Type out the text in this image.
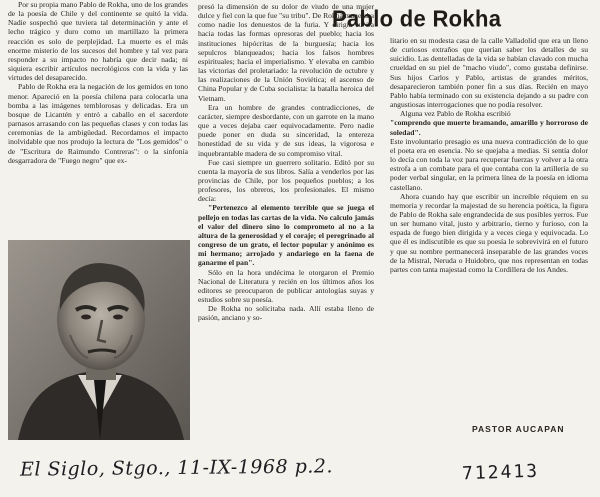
Por su propia mano Pablo de Rokha, uno de los grandes de la poesía de Chile y del continente se quitó la vida. Nadie sospechó que tuviera tal determinación y ante el lecho trágico y duro como un martillazo la primera reacción es solo de perplejidad. La muerte es el más enorme misterio de los sucesos del hombre y tal vez para responder a su impacto no habría que decir nada; ni siquiera escribir artículos necrológicos con la vida y las virtudes del desaparecido.

Pablo de Rokha era la negación de los gemidos en tono menor. Apareció en la poesía chilena para colocarla una bomba a las imágenes temblorosas y delicadas. Era un bosque de Licantén y entró a caballo en el sacerdote parnasos arrasando con las pequeñas clases y con todas las ceremonias de la ambigüedad. Recordamos el impacto inolvidable que nos produjo la lectura de "Los gemidos" o de "Escritura de Raimundo Contreras": o la sinfonía desgarradora de "Fuego negro" que ex-

Pablo de Rokha

presó la dimensión de su dolor de viudo de una mujer dulce y fiel con la que fue "su tribu". De Rokha manejaba como nadie los denuestos de la furia. Y dirigía su ira hacia todas las formas opresoras del pueblo; hacia los instituciones hipócritas de la burguesía; hacia los sepulcros blanqueados; hacia los falsos hombres espirituales; hacia el imperialismo. Y elevaba en cambio las victorias del proletariado: la revolución de octubre y las realizaciones de la Unión Soviética; el ascenso de China Popular y de Cuba socialista: la batalla heroica del Vietnam.

Era un hombre de grandes contradicciones, de carácter, siempre desbordante, con un garrote en la mano que a veces dejaba caer equivocadamente. Pero nadie puede poner en duda su sinceridad, la entereza honestidad de su vida y de sus ideas, la vigorosa e inquebrantable madera de su compromiso vital.

Fue casi siempre un guerrero solitario. Editó por su cuenta la mayoría de sus libros. Salía a venderlos por las provincias de Chile, por los pequeños pueblos; a los profesores, los obreros, los profesionales. El mismo decía:

"Pertenezco al elemento terrible que se juega el pellejo en todas las cartas de la vida. No calculo jamás el valor del dinero sino lo comprometo al no a la altura de la generosidad y el coraje; el peregrinado al congreso de un grato, el lector popular y anónimo es mi hermano; arrojado y andariego en la faena de ganarme el pan".

Sólo en la hora undécima le otorgaron el Premio Nacional de Literatura y recién en los últimos años los editores se preocuparon de publicar antologías suyas y estudios sobre su poesía.

De Rokha no solicitaba nada. Allí estaba lleno de pasión, anciano y so-

litario en su modesta casa de la calle Valladolid que era un lleno de curiosos extraños que querían saber los detalles de su suicidio. Las dentelladas de la vida se habían clavado con mucha crueldad en su piel de "macho viudo", como gustaba definirse. Sus hijos Carlos y Pablo, artistas de grandes méritos, desaparecieron también poner fin a sus días. Recién en mayo Pablo había terminado con su existencia dejando a su padre con angustiosas interrogaciones que no podía resolver.

Alguna vez Pablo de Rokha escribió

"comprendo que muerte bramando, amarillo y horroroso de soledad".

Este involuntario presagio es una nueva contradicción de lo que el poeta era en esencia. No se quejaba a medias. Si sentía dolor lo decía con toda la voz para recuperar fuerzas y volver a la otra estrofa a un combate para el que contaba con la artillería de su poder verbal singular, en la primera línea de la poesía en idioma castellano.

Ahora cuando hay que escribir un increíble réquiem en su memoria y recordar la majestad de su herencia poética, la figura de Pablo de Rokha sale engrandecida de sus posibles yerros. Fue un ser humano vital, justo y arbitrario, tierno y furioso, con la espada de fuego bien dirigida y a veces ciega y equivocada. Lo que él es indiscutible es que su poesía le sobrevivirá en el futuro y que su nombre permanecerá inseparable de las grandes voces de la Mistral, Neruda o Huidobro, que nos representan en todas partes con tanta majestad como la Cordillera de los Andes.

PASTOR AUCAPAN
El Siglo, Stgo., 11-IX-1968 p.2.	712413
